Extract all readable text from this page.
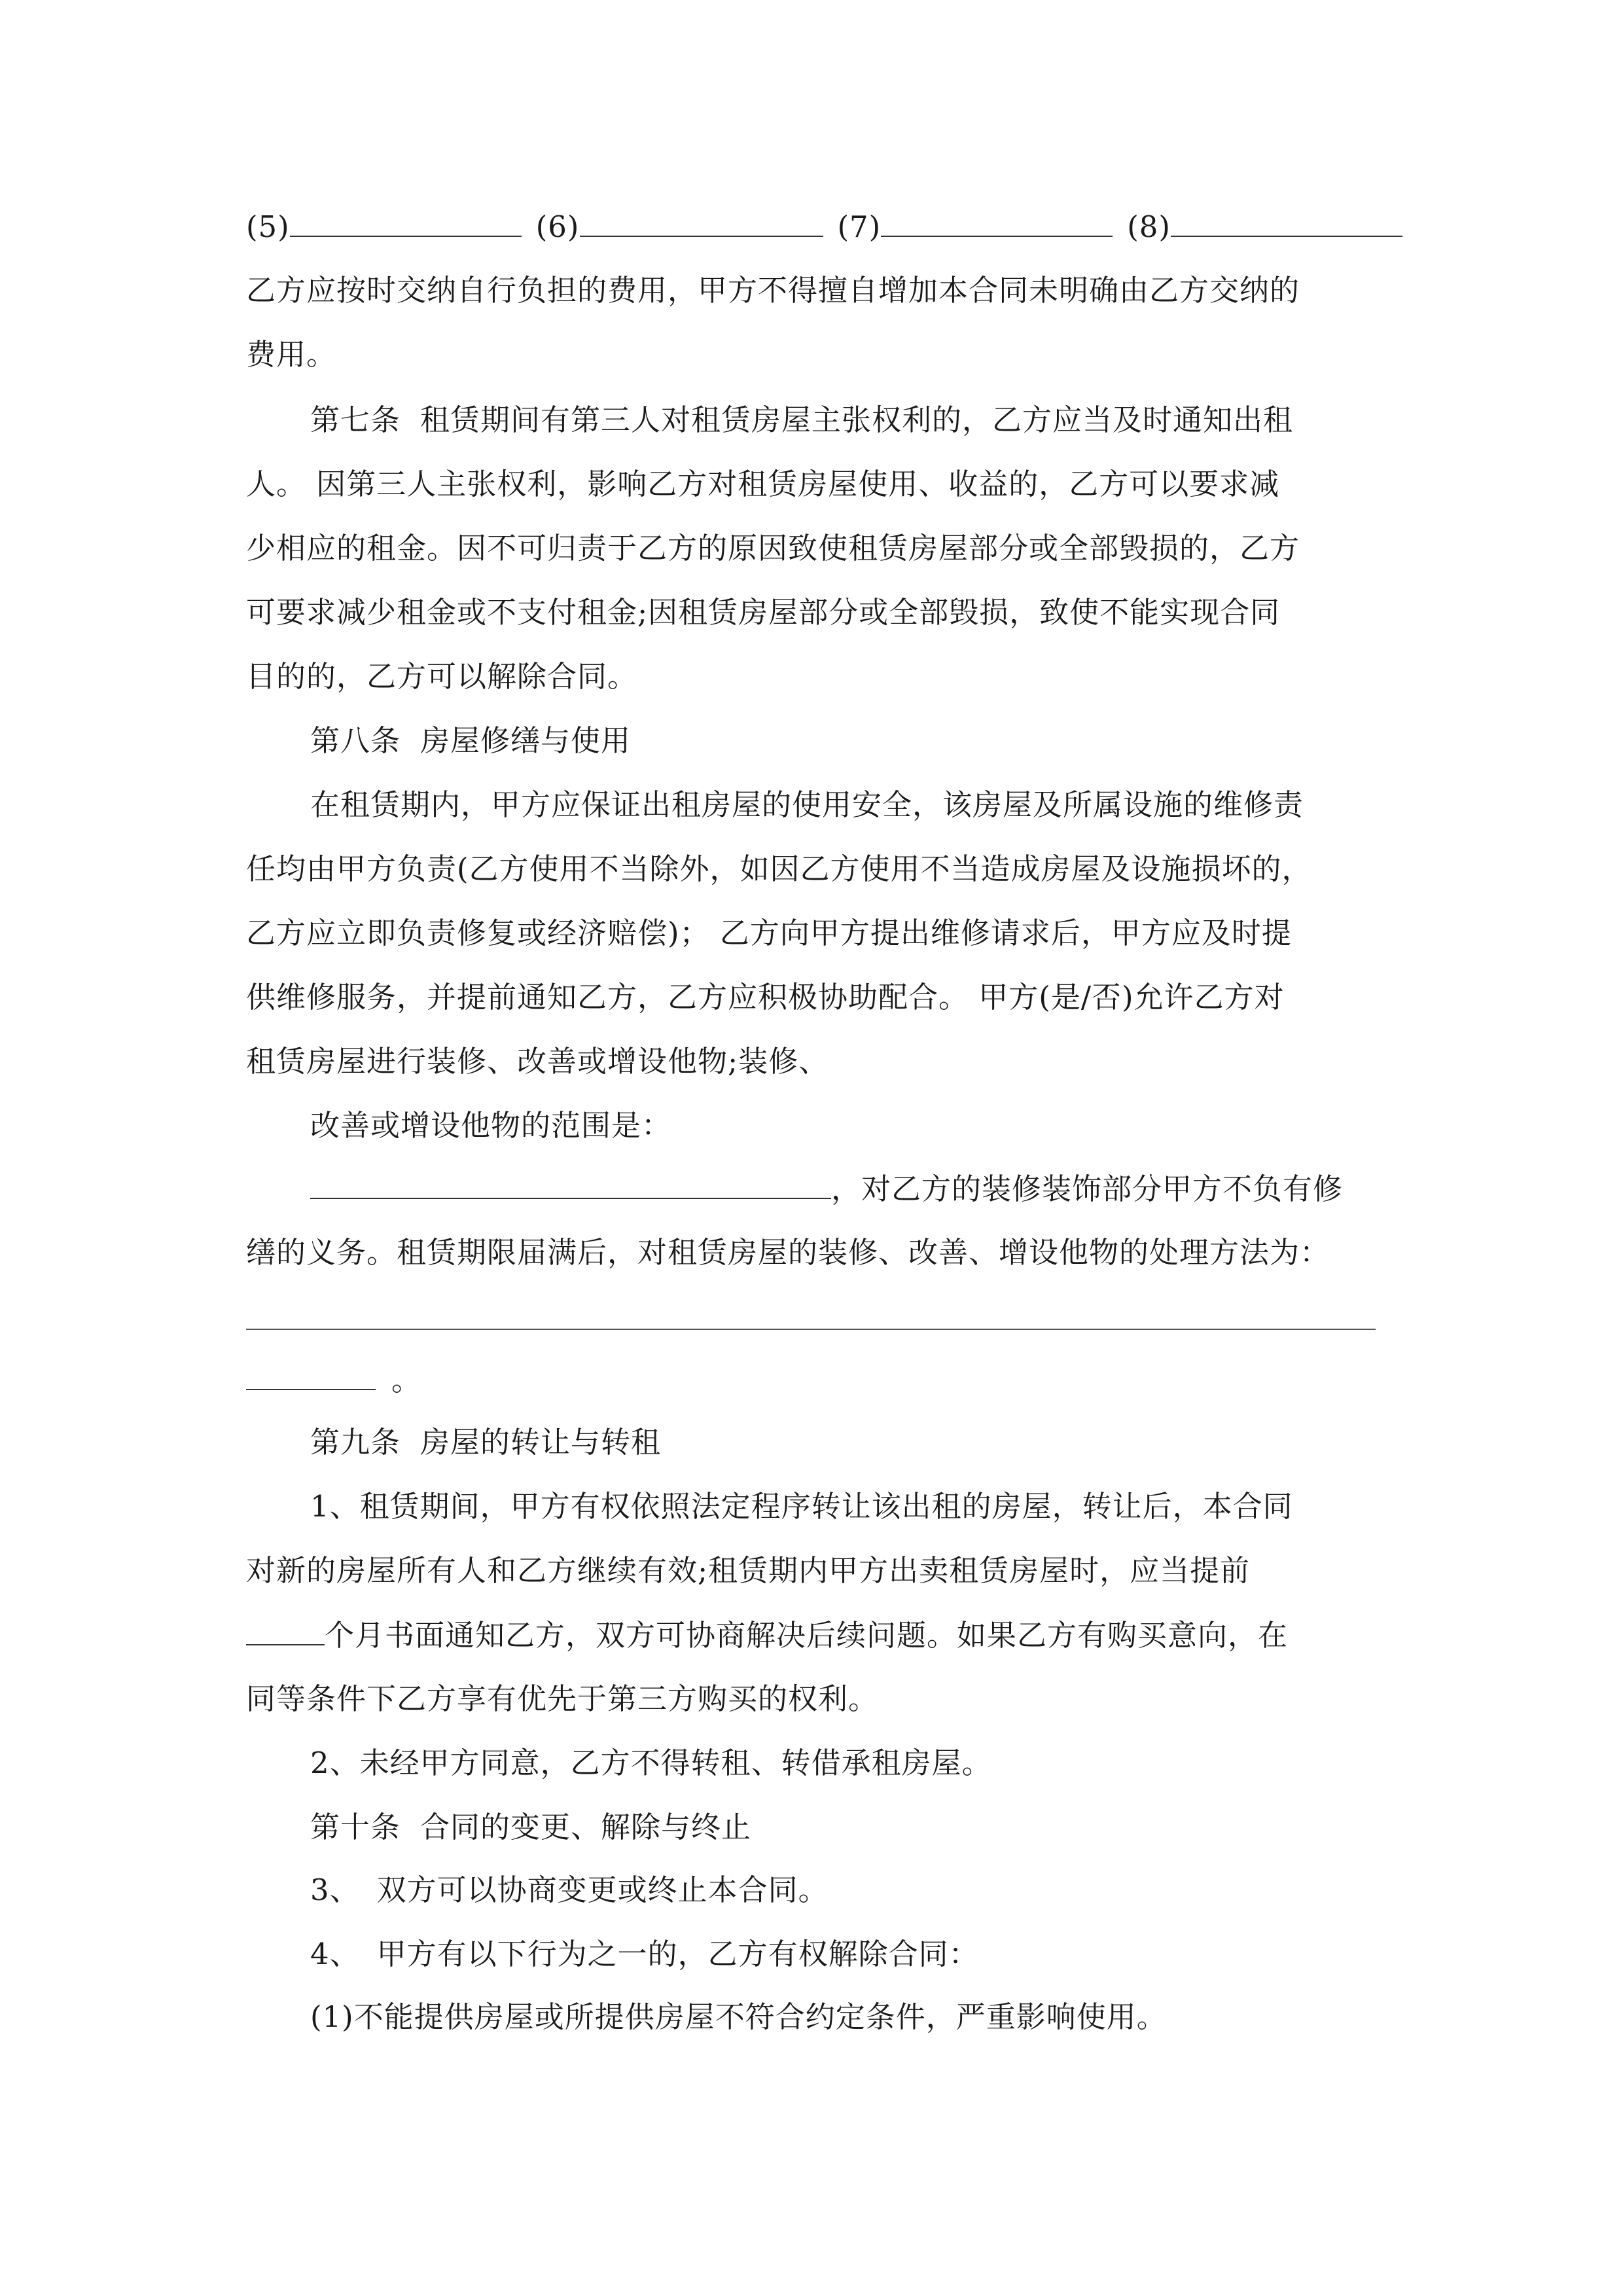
(5)	(6)	(7)	(8)
乙方应按时交纳自行负担的费用，甲方不得擅自增加本合同未明确由乙方交纳的
费用。
第七条 租赁期间有第三人对租赁房屋主张权利的，乙方应当及时通知出租
人。 因第三人主张权利，影响乙方对租赁房屋使用、收益的，乙方可以要求减
少相应的租金。因不可归责于乙方的原因致使租赁房屋部分或全部毁损的，乙方
可要求减少租金或不支付租金;因租赁房屋部分或全部毁损，致使不能实现合同
目的的，乙方可以解除合同。
第八条 房屋修缮与使用
在租赁期内，甲方应保证出租房屋的使用安全，该房屋及所属设施的维修责
任均由甲方负责(乙方使用不当除外，如因乙方使用不当造成房屋及设施损坏的，
乙方应立即负责修复或经济赔偿)； 乙方向甲方提出维修请求后，甲方应及时提
供维修服务，并提前通知乙方，乙方应积极协助配合。 甲方(是/否)允许乙方对
租赁房屋进行装修、改善或增设他物;装修、
改善或增设他物的范围是：
，对乙方的装修装饰部分甲方不负有修
缮的义务。租赁期限届满后，对租赁房屋的装修、改善、增设他物的处理方法为：
。
第九条 房屋的转让与转租
1、租赁期间，甲方有权依照法定程序转让该出租的房屋，转让后，本合同
对新的房屋所有人和乙方继续有效;租赁期内甲方出卖租赁房屋时，应当提前
个月书面通知乙方，双方可协商解决后续问题。如果乙方有购买意向，在
同等条件下乙方享有优先于第三方购买的权利。
2、未经甲方同意，乙方不得转租、转借承租房屋。
第十条 合同的变更、解除与终止
3、 双方可以协商变更或终止本合同。
4、 甲方有以下行为之一的，乙方有权解除合同：
(1)不能提供房屋或所提供房屋不符合约定条件，严重影响使用。
